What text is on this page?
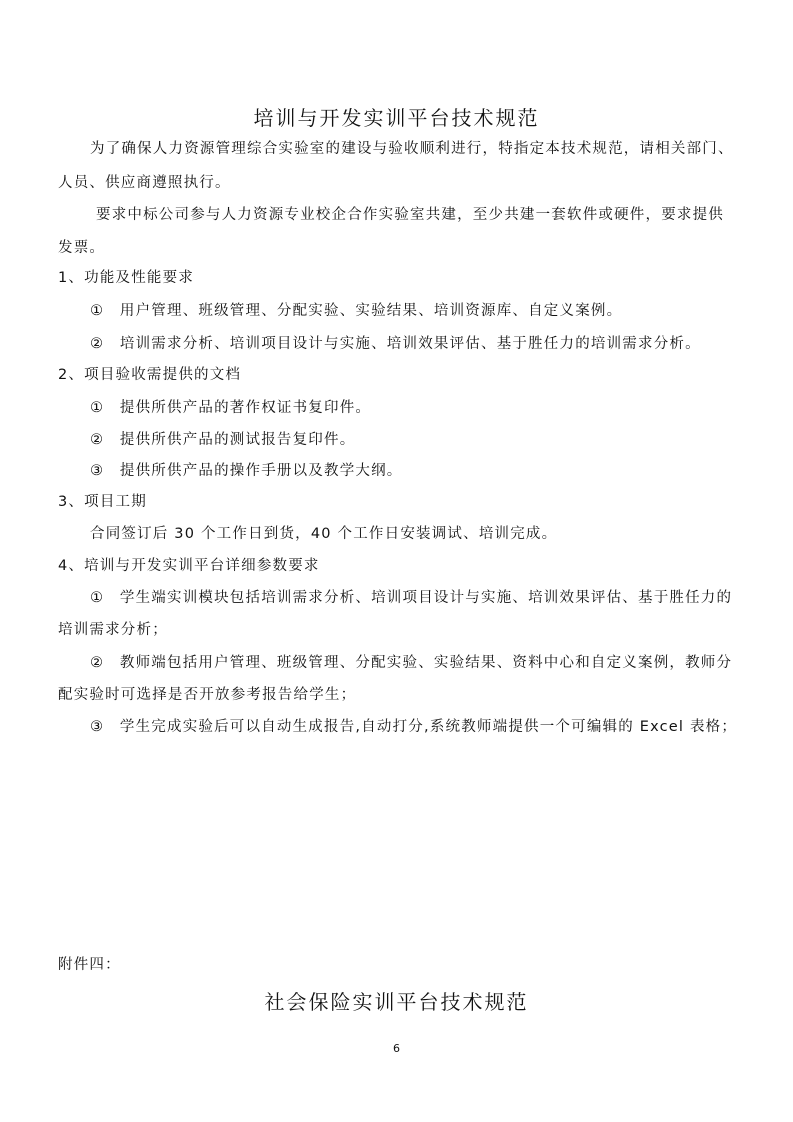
培训与开发实训平台技术规范
为了确保人力资源管理综合实验室的建设与验收顺利进行，特指定本技术规范，请相关部门、
人员、供应商遵照执行。
要求中标公司参与人力资源专业校企合作实验室共建，至少共建一套软件或硬件，要求提供
发票。
1、功能及性能要求
①　用户管理、班级管理、分配实验、实验结果、培训资源库、自定义案例。
②　培训需求分析、培训项目设计与实施、培训效果评估、基于胜任力的培训需求分析。
2、项目验收需提供的文档
①　提供所供产品的著作权证书复印件。
②　提供所供产品的测试报告复印件。
③　提供所供产品的操作手册以及教学大纲。
3、项目工期
合同签订后 30 个工作日到货，40 个工作日安装调试、培训完成。
4、培训与开发实训平台详细参数要求
①　学生端实训模块包括培训需求分析、培训项目设计与实施、培训效果评估、基于胜任力的
培训需求分析；
②　教师端包括用户管理、班级管理、分配实验、实验结果、资料中心和自定义案例，教师分
配实验时可选择是否开放参考报告给学生；
③　学生完成实验后可以自动生成报告,自动打分,系统教师端提供一个可编辑的 Excel 表格；
附件四：
社会保险实训平台技术规范
6
